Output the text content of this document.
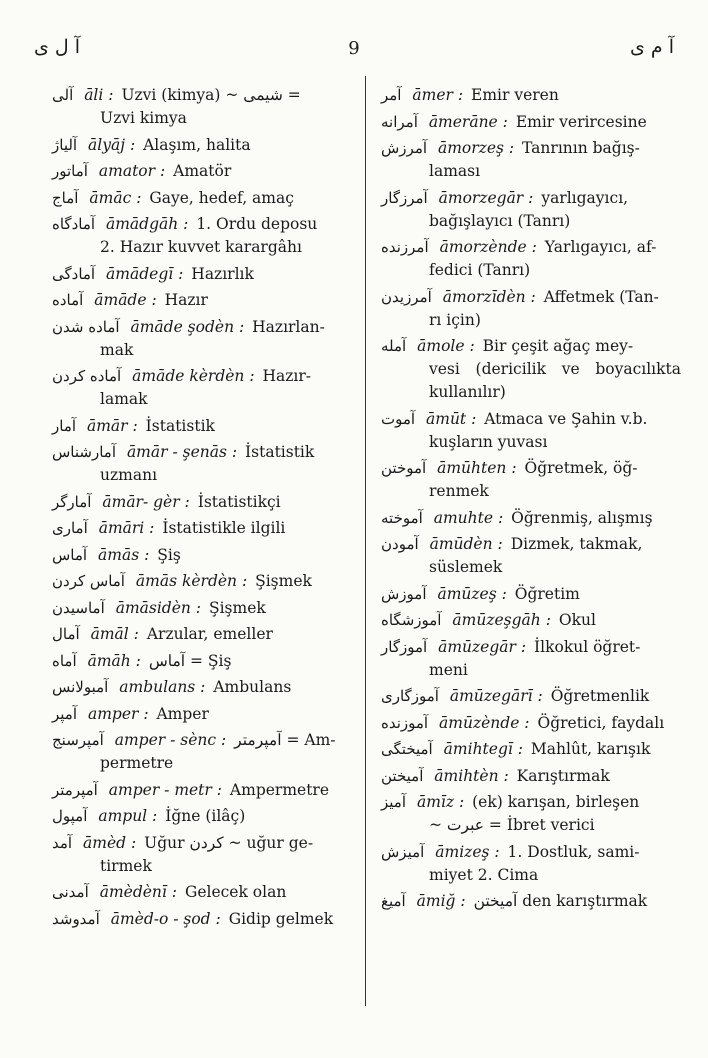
آ ل ی	9	آ م ی
آلى āli : Uzvi (kimya) ~ شیمی =
Uzvi kimya
آلیاژ ālyāj : Alaşım, halita
آماتور amator : Amatör
آماج āmāc : Gaye, hedef, amaç
آمادگاه āmādgāh : 1. Ordu deposu
2. Hazır kuvvet karargâhı
آمادگی āmādegī : Hazırlık
آماده āmāde : Hazır
آماده شدن āmāde şodèn : Hazırlan-
mak
آماده کردن āmāde kèrdèn : Hazır-
lamak
آمار āmār : İstatistik
آمارشناس āmār - şenās : İstatistik
uzmanı
آمارگر āmār- gèr : İstatistikçi
آماری āmāri : İstatistikle ilgili
آماس āmās : Şiş
آماس کردن āmās kèrdèn : Şişmek
آماسیدن āmāsidèn : Şişmek
آمال āmāl : Arzular, emeller
آماه āmāh : آماس = Şiş
آمبولانس ambulans : Ambulans
آمپر amper : Amper
آمپرسنج amper - sènc : آمپرمتر = Am-
permetre
آمپرمتر amper - metr : Ampermetre
آمپول ampul : İğne (ilâç)
آمد āmèd : Uğur کردن ~ uğur ge-
tirmek
آمدنی āmèdènī : Gelecek olan
آمدوشد āmèd-o - şod : Gidip gelmek
آمر āmer : Emir veren
آمرانه āmerāne : Emir verircesine
آمرزش āmorzeş : Tanrının bağış-
laması
آمرزگار āmorzegār : yarlıgayıcı,
bağışlayıcı (Tanrı)
آمرزنده āmorzènde : Yarlıgayıcı, af-
fedici (Tanrı)
آمرزیدن āmorzīdèn : Affetmek (Tan-
rı için)
آمله āmole : Bir çeşit ağaç mey-
vesi (dericilik ve boyacılıkta kullanılır)
آموت āmūt : Atmaca ve Şahin v.b.
kuşların yuvası
آموختن āmūhten : Öğretmek, öğ-
renmek
آموخته amuhte : Öğrenmiş, alışmış
آمودن āmūdèn : Dizmek, takmak,
süslemek
آموزش āmūzeş : Öğretim
آموزشگاه āmūzeşgāh : Okul
آموزگار āmūzegār : İlkokul öğret-
meni
آموزگاری āmūzegārī : Öğretmenlik
آموزنده āmūzènde : Öğretici, faydalı
آمیختگی āmihtegī : Mahlût, karışık
آمیختن āmihtèn : Karıştırmak
آمیز āmīz : (ek) karışan, birleşen
~ عبرت = İbret verici
آمیزش āmizeş : 1. Dostluk, sami-
miyet 2. Cima
آمیغ āmiğ : آمیختن den karıştırmak
